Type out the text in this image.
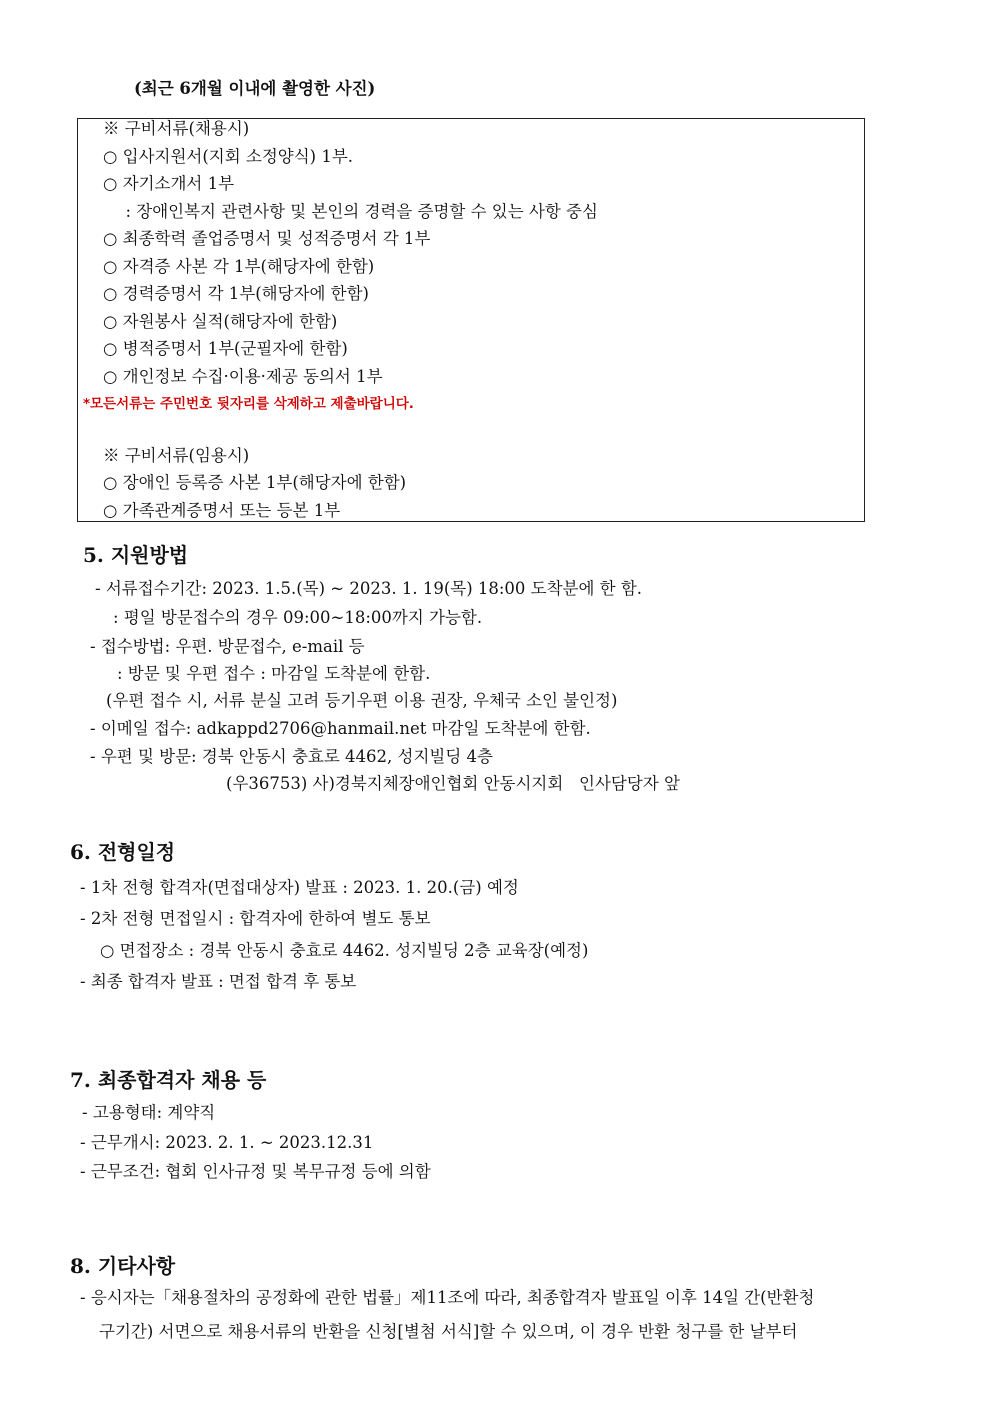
(최근 6개월 이내에 촬영한 사진)
※ 구비서류(채용시)
○ 입사지원서(지회 소정양식) 1부.
○ 자기소개서 1부
: 장애인복지 관련사항 및 본인의 경력을 증명할 수 있는 사항 중심
○ 최종학력 졸업증명서 및 성적증명서 각 1부
○ 자격증 사본 각 1부(해당자에 한함)
○ 경력증명서 각 1부(해당자에 한함)
○ 자원봉사 실적(해당자에 한함)
○ 병적증명서 1부(군필자에 한함)
○ 개인정보 수집·이용·제공 동의서 1부
*모든서류는 주민번호 뒷자리를 삭제하고 제출바랍니다.
※ 구비서류(임용시)
○ 장애인 등록증 사본 1부(해당자에 한함)
○ 가족관계증명서 또는 등본 1부
5. 지원방법
- 서류접수기간: 2023. 1.5.(목) ~ 2023. 1. 19(목) 18:00 도착분에 한 함.
: 평일 방문접수의 경우 09:00~18:00까지 가능함.
- 접수방법: 우편. 방문접수, e-mail 등
: 방문 및 우편 접수 : 마감일 도착분에 한함.
(우편 접수 시, 서류 분실 고려 등기우편 이용 권장, 우체국 소인 불인정)
- 이메일 접수: adkappd2706@hanmail.net 마감일 도착분에 한함.
- 우편 및 방문: 경북 안동시 충효로 4462, 성지빌딩 4층
(우36753) 사)경북지체장애인협회 안동시지회   인사담당자 앞
6. 전형일정
- 1차 전형 합격자(면접대상자) 발표 : 2023. 1. 20.(금) 예정
- 2차 전형 면접일시 : 합격자에 한하여 별도 통보
○ 면접장소 : 경북 안동시 충효로 4462. 성지빌딩 2층 교육장(예정)
- 최종 합격자 발표 : 면접 합격 후 통보
7. 최종합격자 채용 등
- 고용형태: 계약직
- 근무개시: 2023. 2. 1. ~ 2023.12.31
- 근무조건: 협회 인사규정 및 복무규정 등에 의함
8. 기타사항
- 응시자는「채용절차의 공정화에 관한 법률」제11조에 따라, 최종합격자 발표일 이후 14일 간(반환청
구기간) 서면으로 채용서류의 반환을 신청[별첨 서식]할 수 있으며, 이 경우 반환 청구를 한 날부터
